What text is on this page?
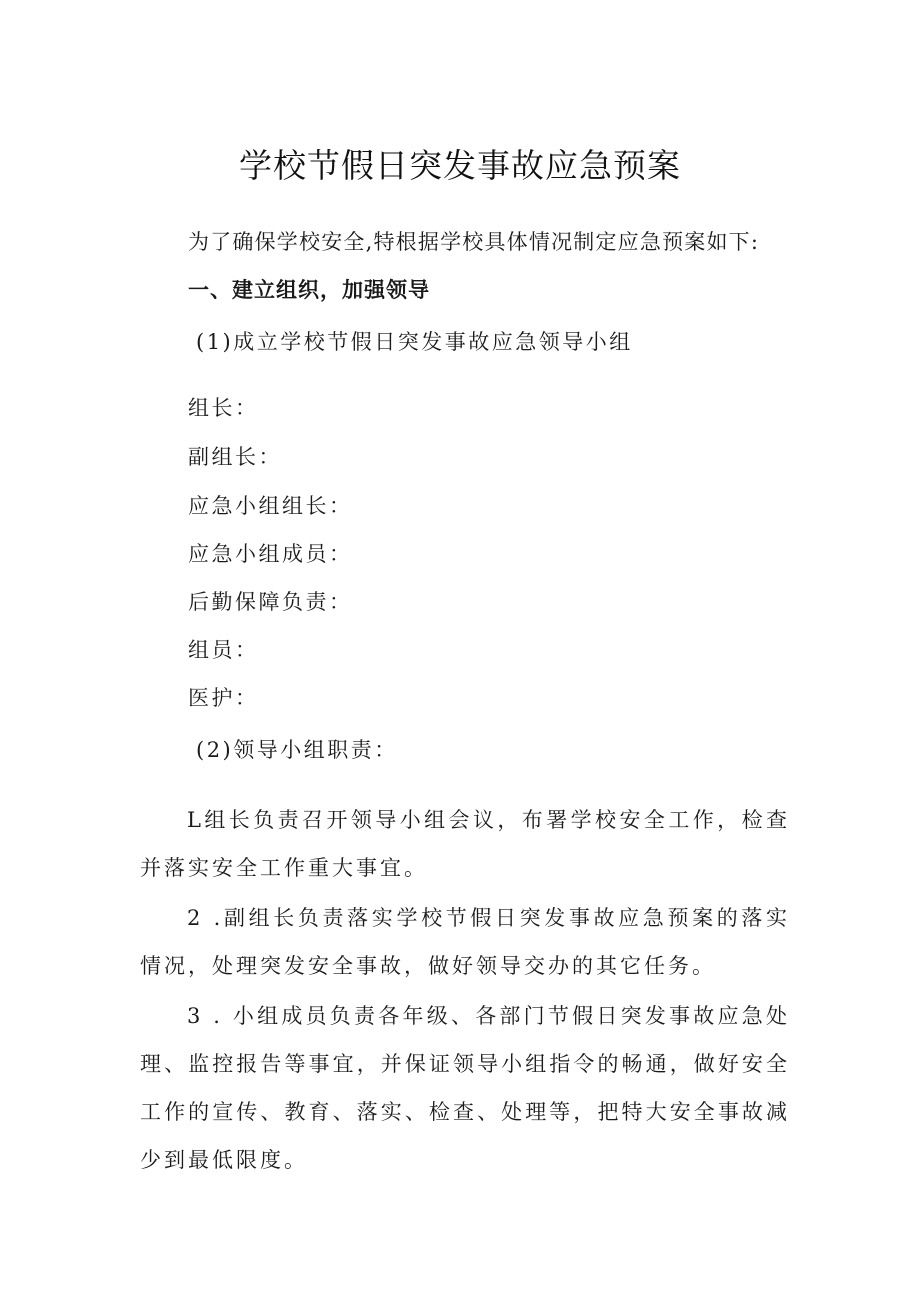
学校节假日突发事故应急预案

为了确保学校安全,特根据学校具体情况制定应急预案如下:

一、建立组织，加强领导

(1)成立学校节假日突发事故应急领导小组

组长：

副组长：

应急小组组长：

应急小组成员：

后勤保障负责：

组员：

医护：

(2)领导小组职责：

L组长负责召开领导小组会议，布署学校安全工作，检查并落实安全工作重大事宜。

2 .副组长负责落实学校节假日突发事故应急预案的落实情况，处理突发安全事故，做好领导交办的其它任务。

3 . 小组成员负责各年级、各部门节假日突发事故应急处理、监控报告等事宜，并保证领导小组指令的畅通，做好安全工作的宣传、教育、落实、检查、处理等，把特大安全事故减少到最低限度。
